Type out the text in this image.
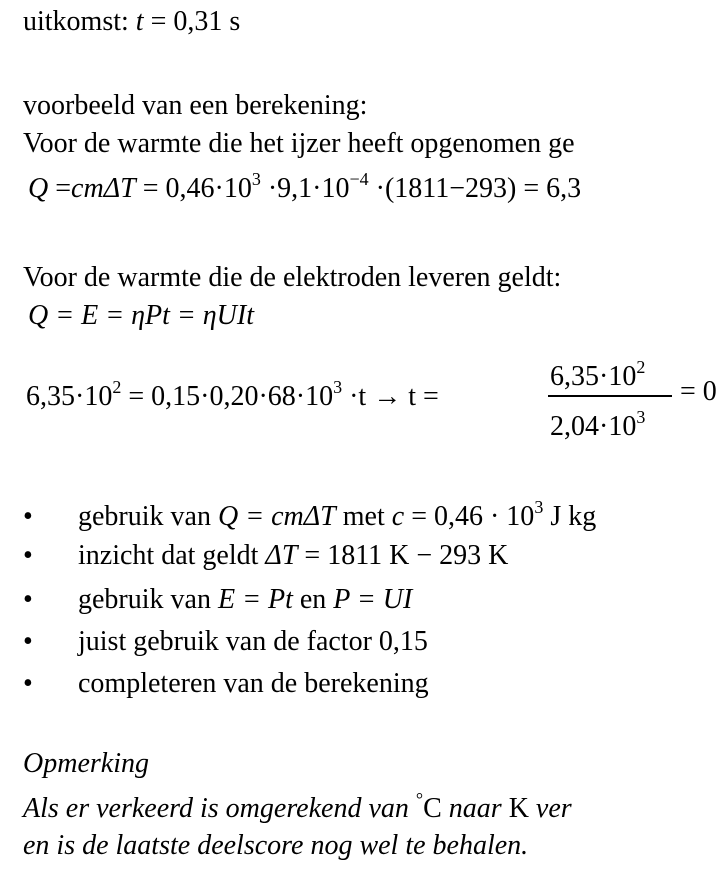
uitkomst: t = 0,31 s
voorbeeld van een berekening:
Voor de warmte die het ijzer heeft opgenomen ge
$Q =cm\Delta T = 0,46\cdot 10^3 \cdot 9,1\cdot 10^{-4} \cdot(1811-293) = 6,3$
Voor de warmte die de elektroden leveren geldt:
Q = E = ηPt = ηUIt
$6,35\cdot 10^2 = 0,15\cdot 0,20\cdot 68\cdot 10^3 \cdot t \to t$ =
$6,35\cdot 10^2$
$2,04\cdot 10^3$
= 0
• gebruik van Q = cmΔT met $c = 0,46 \cdot 10^3$ J kg
• inzicht dat geldt ΔT = 1811 K − 293 K
• gebruik van E = Pt en P = UI
• juist gebruik van de factor 0,15
• completeren van de berekening
Opmerking
Als er verkeerd is omgerekend van °C naar K ver
en is de laatste deelscore nog wel te behalen.
